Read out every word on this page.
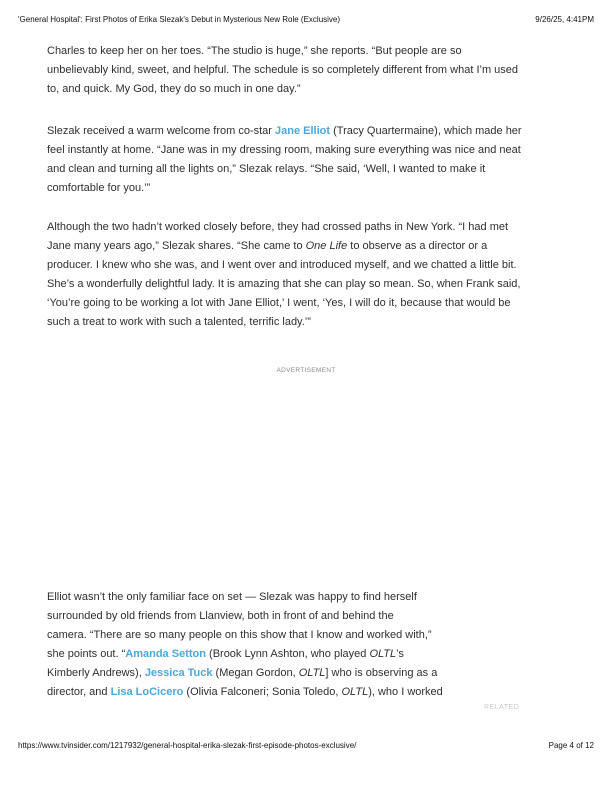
'General Hospital': First Photos of Erika Slezak's Debut in Mysterious New Role (Exclusive)	9/26/25, 4:41PM
Charles to keep her on her toes. “The studio is huge,” she reports. “But people are so
unbelievably kind, sweet, and helpful. The schedule is so completely different from what I’m used
to, and quick. My God, they do so much in one day.”
Slezak received a warm welcome from co-star Jane Elliot (Tracy Quartermaine), which made her
feel instantly at home. “Jane was in my dressing room, making sure everything was nice and neat
and clean and turning all the lights on,” Slezak relays. “She said, ‘Well, I wanted to make it
comfortable for you.’”
Although the two hadn’t worked closely before, they had crossed paths in New York. “I had met
Jane many years ago,” Slezak shares. “She came to One Life to observe as a director or a
producer. I knew who she was, and I went over and introduced myself, and we chatted a little bit.
She’s a wonderfully delightful lady. It is amazing that she can play so mean. So, when Frank said,
‘You’re going to be working a lot with Jane Elliot,’ I went, ‘Yes, I will do it, because that would be
such a treat to work with such a talented, terrific lady.’”
ADVERTISEMENT
Elliot wasn’t the only familiar face on set — Slezak was happy to find herself
surrounded by old friends from Llanview, both in front of and behind the
camera. “There are so many people on this show that I know and worked with,”
she points out. “Amanda Setton (Brook Lynn Ashton, who played OLTL’s
Kimberly Andrews), Jessica Tuck (Megan Gordon, OLTL] who is observing as a
director, and Lisa LoCicero (Olivia Falconeri; Sonia Toledo, OLTL), who I worked
RELATED
https://www.tvinsider.com/1217932/general-hospital-erika-slezak-first-episode-photos-exclusive/	Page 4 of 12
